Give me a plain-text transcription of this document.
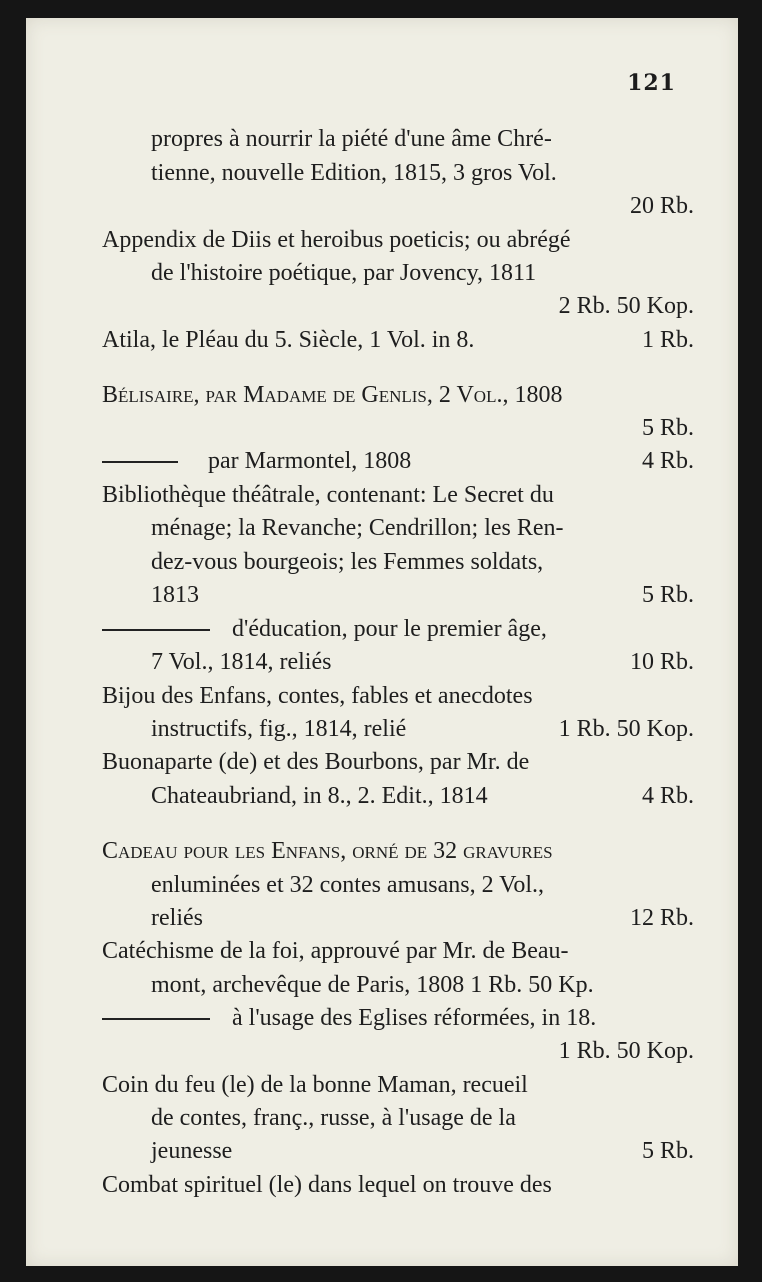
121
propres à nourrir la piété d'une âme Chré-
tienne, nouvelle Edition, 1815, 3 gros Vol.
20 Rb.
Appendix de Diis et heroibus poeticis; ou abrégé
de l'histoire poétique, par Jovency, 1811
2 Rb. 50 Kop.
Atila, le Pléau du 5. Siècle, 1 Vol. in 8.	1 Rb.
Bélisaire, par Madame de Genlis, 2 Vol., 1808
5 Rb.
par Marmontel, 1808	4 Rb.
Bibliothèque théâtrale, contenant: Le Secret du
ménage; la Revanche; Cendrillon; les Ren-
dez-vous bourgeois; les Femmes soldats,
1813	5 Rb.
d'éducation, pour le premier âge,
7 Vol., 1814, reliés	10 Rb.
Bijou des Enfans, contes, fables et anecdotes
instructifs, fig., 1814, relié	1 Rb. 50 Kop.
Buonaparte (de) et des Bourbons, par Mr. de
Chateaubriand, in 8., 2. Edit., 1814	4 Rb.
Cadeau pour les Enfans, orné de 32 gravures
enluminées et 32 contes amusans, 2 Vol.,
reliés	12 Rb.
Catéchisme de la foi, approuvé par Mr. de Beau-
mont, archevêque de Paris, 1808 1 Rb. 50 Kp.
à l'usage des Eglises réformées, in 18.
1 Rb. 50 Kop.
Coin du feu (le) de la bonne Maman, recueil
de contes, franç., russe, à l'usage de la
jeunesse	5 Rb.
Combat spirituel (le) dans lequel on trouve des
